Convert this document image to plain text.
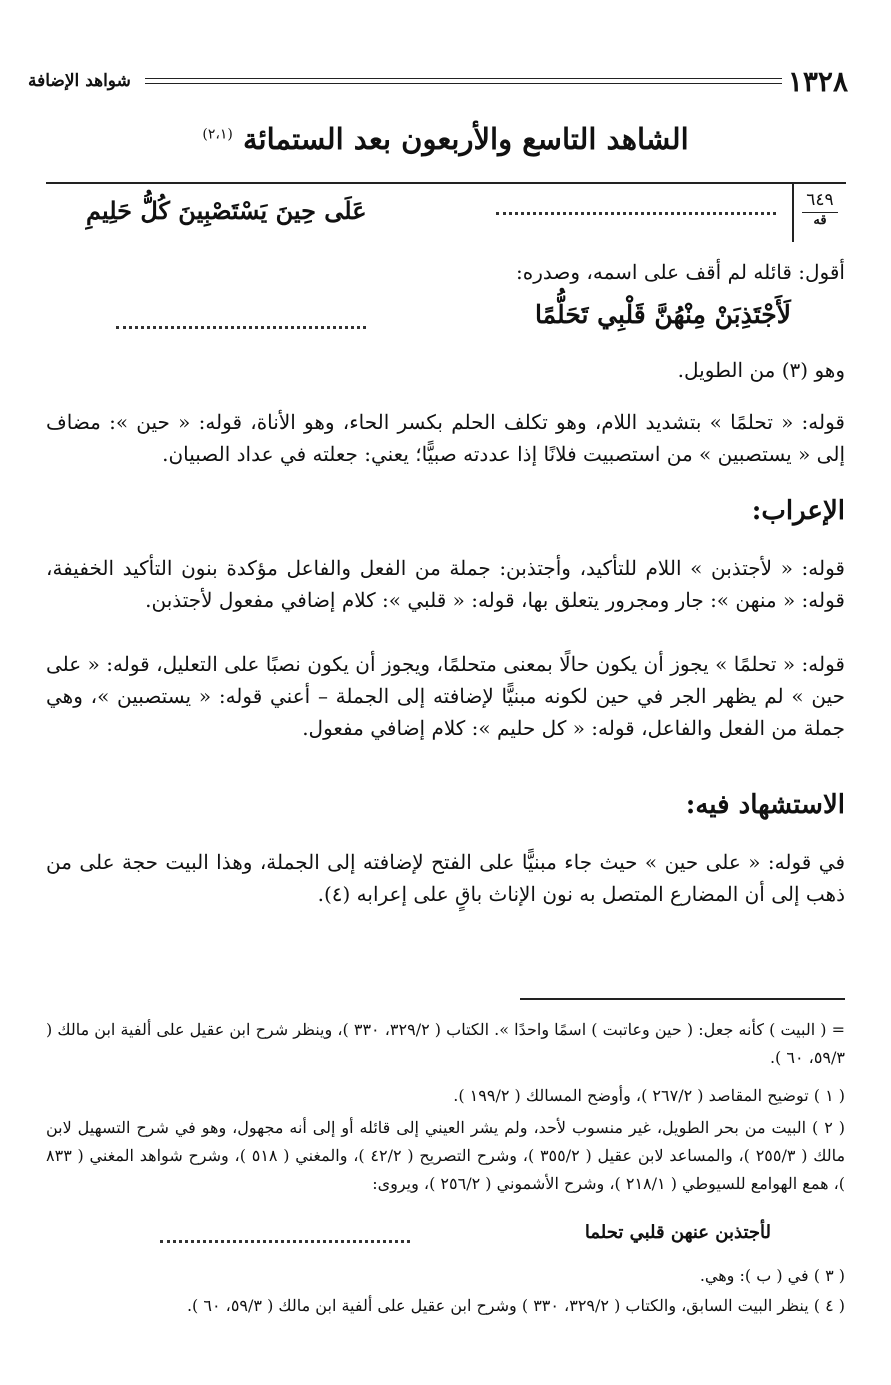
شواهد الإضافة	١٣٢٨
الشاهد التاسع والأربعون بعد الستمائة $^{(٢،١)}$
٦٤٩
قه
عَلَى حِينَ يَسْتَصْبِينَ كُلُّ حَلِيمِ
أقول: قائله لم أقف على اسمه، وصدره:
لَأَجْتَذِبَنْ مِنْهُنَّ قَلْبِي تَحَلُّمًا
وهو (٣) من الطويل.
قوله: « تحلمًا » بتشديد اللام، وهو تكلف الحلم بكسر الحاء، وهو الأناة، قوله: « حين »: مضاف إلى « يستصبين » من استصبيت فلانًا إذا عددته صبيًّا؛ يعني: جعلته في عداد الصبيان.
الإعراب:
قوله: « لأجتذبن » اللام للتأكيد، وأجتذبن: جملة من الفعل والفاعل مؤكدة بنون التأكيد الخفيفة، قوله: « منهن »: جار ومجرور يتعلق بها، قوله: « قلبي »: كلام إضافي مفعول لأجتذبن.
قوله: « تحلمًا » يجوز أن يكون حالًا بمعنى متحلمًا، ويجوز أن يكون نصبًا على التعليل، قوله: « على حين » لم يظهر الجر في حين لكونه مبنيًّا لإضافته إلى الجملة – أعني قوله: « يستصبين »، وهي جملة من الفعل والفاعل، قوله: « كل حليم »: كلام إضافي مفعول.
الاستشهاد فيه:
في قوله: « على حين » حيث جاء مبنيًّا على الفتح لإضافته إلى الجملة، وهذا البيت حجة على من ذهب إلى أن المضارع المتصل به نون الإناث باقٍ على إعرابه (٤).
= ( البيت ) كأنه جعل: ( حين وعاتبت ) اسمًا واحدًا ». الكتاب ( ٣٢٩/٢، ٣٣٠ )، وينظر شرح ابن عقيل على ألفية ابن مالك ( ٥٩/٣، ٦٠ ).
( ١ ) توضيح المقاصد ( ٢٦٧/٢ )، وأوضح المسالك ( ١٩٩/٢ ).
( ٢ ) البيت من بحر الطويل، غير منسوب لأحد، ولم يشر العيني إلى قائله أو إلى أنه مجهول، وهو في شرح التسهيل لابن مالك ( ٢٥٥/٣ )، والمساعد لابن عقيل ( ٣٥٥/٢ )، وشرح التصريح ( ٤٢/٢ )، والمغني ( ٥١٨ )، وشرح شواهد المغني ( ٨٣٣ )، همع الهوامع للسيوطي ( ٢١٨/١ )، وشرح الأشموني ( ٢٥٦/٢ )، ويروى:
لأجتذبن عنهن قلبي تحلما
( ٣ ) في ( ب ): وهي.
( ٤ ) ينظر البيت السابق، والكتاب ( ٣٢٩/٢، ٣٣٠ ) وشرح ابن عقيل على ألفية ابن مالك ( ٥٩/٣، ٦٠ ).
